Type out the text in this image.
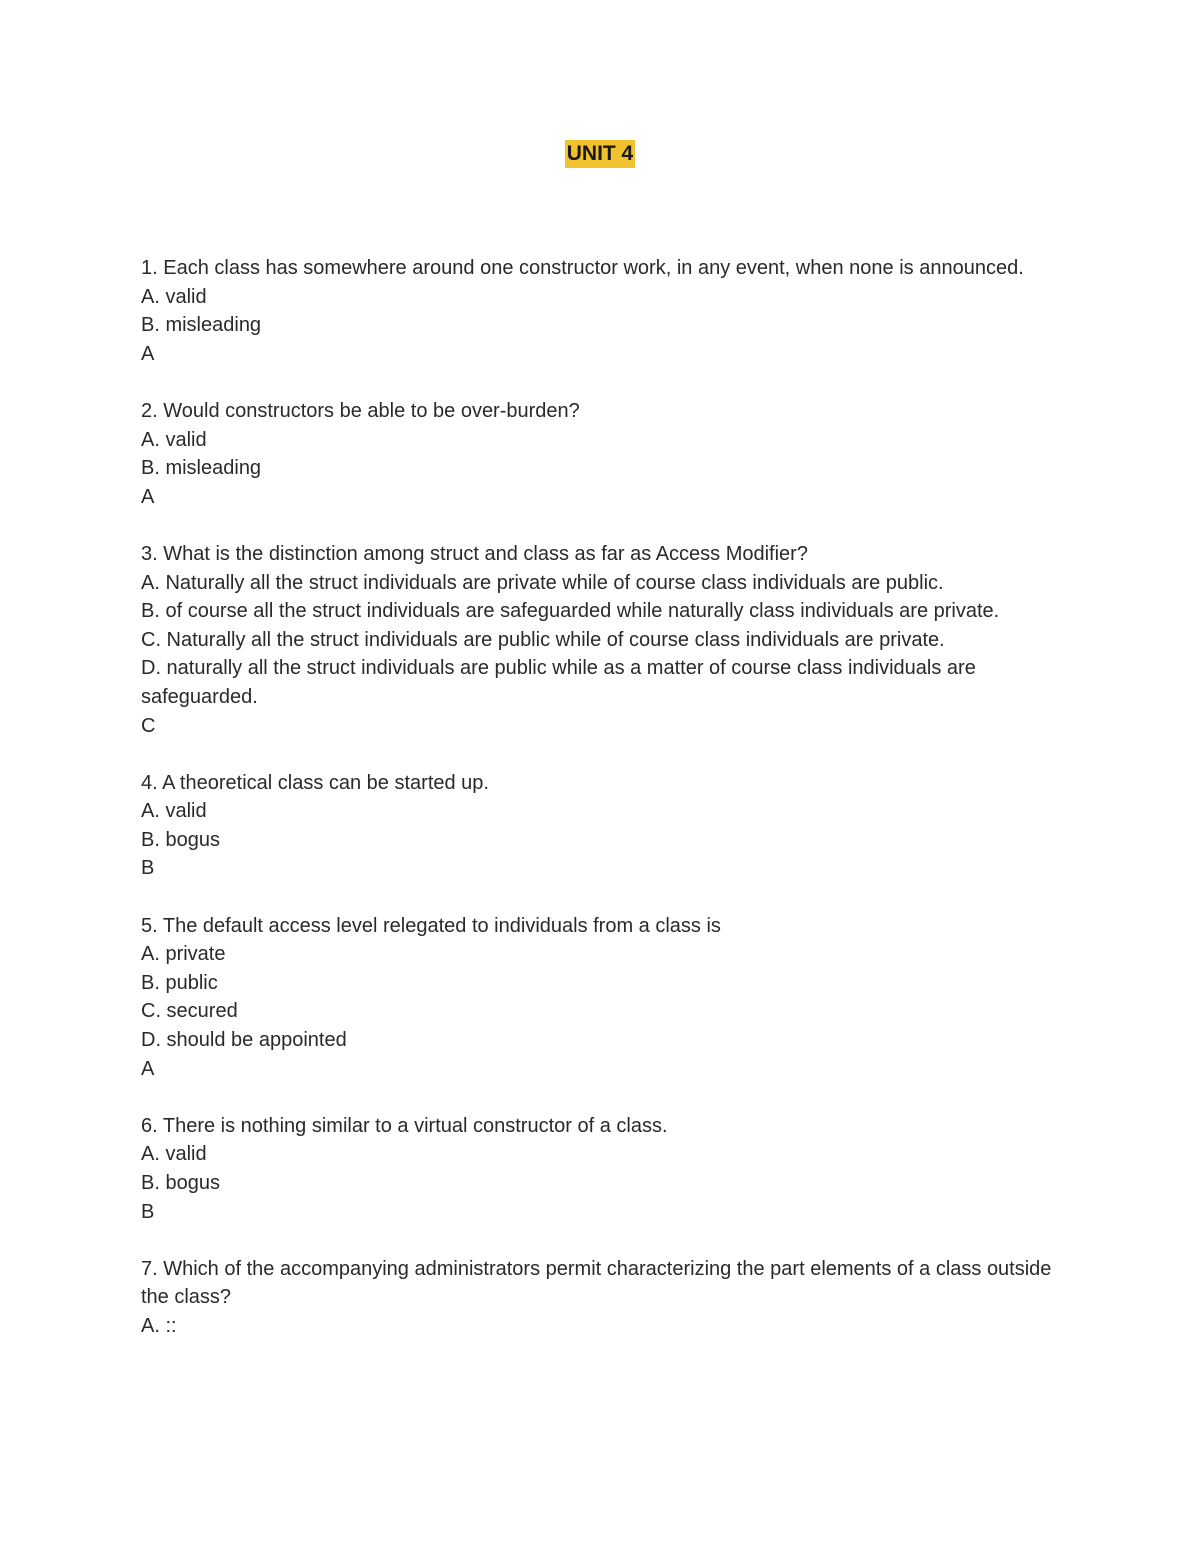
UNIT 4
1. Each class has somewhere around one constructor work, in any event, when none is announced.
A. valid
B. misleading
A
2. Would constructors be able to be over-burden?
A. valid
B. misleading
A
3. What is the distinction among struct and class as far as Access Modifier?
A. Naturally all the struct individuals are private while of course class individuals are public.
B. of course all the struct individuals are safeguarded while naturally class individuals are private.
C. Naturally all the struct individuals are public while of course class individuals are private.
D. naturally all the struct individuals are public while as a matter of course class individuals are safeguarded.
C
4. A theoretical class can be started up.
A. valid
B. bogus
B
5. The default access level relegated to individuals from a class is
A. private
B. public
C. secured
D. should be appointed
A
6. There is nothing similar to a virtual constructor of a class.
A. valid
B. bogus
B
7. Which of the accompanying administrators permit characterizing the part elements of a class outside the class?
A. ::
